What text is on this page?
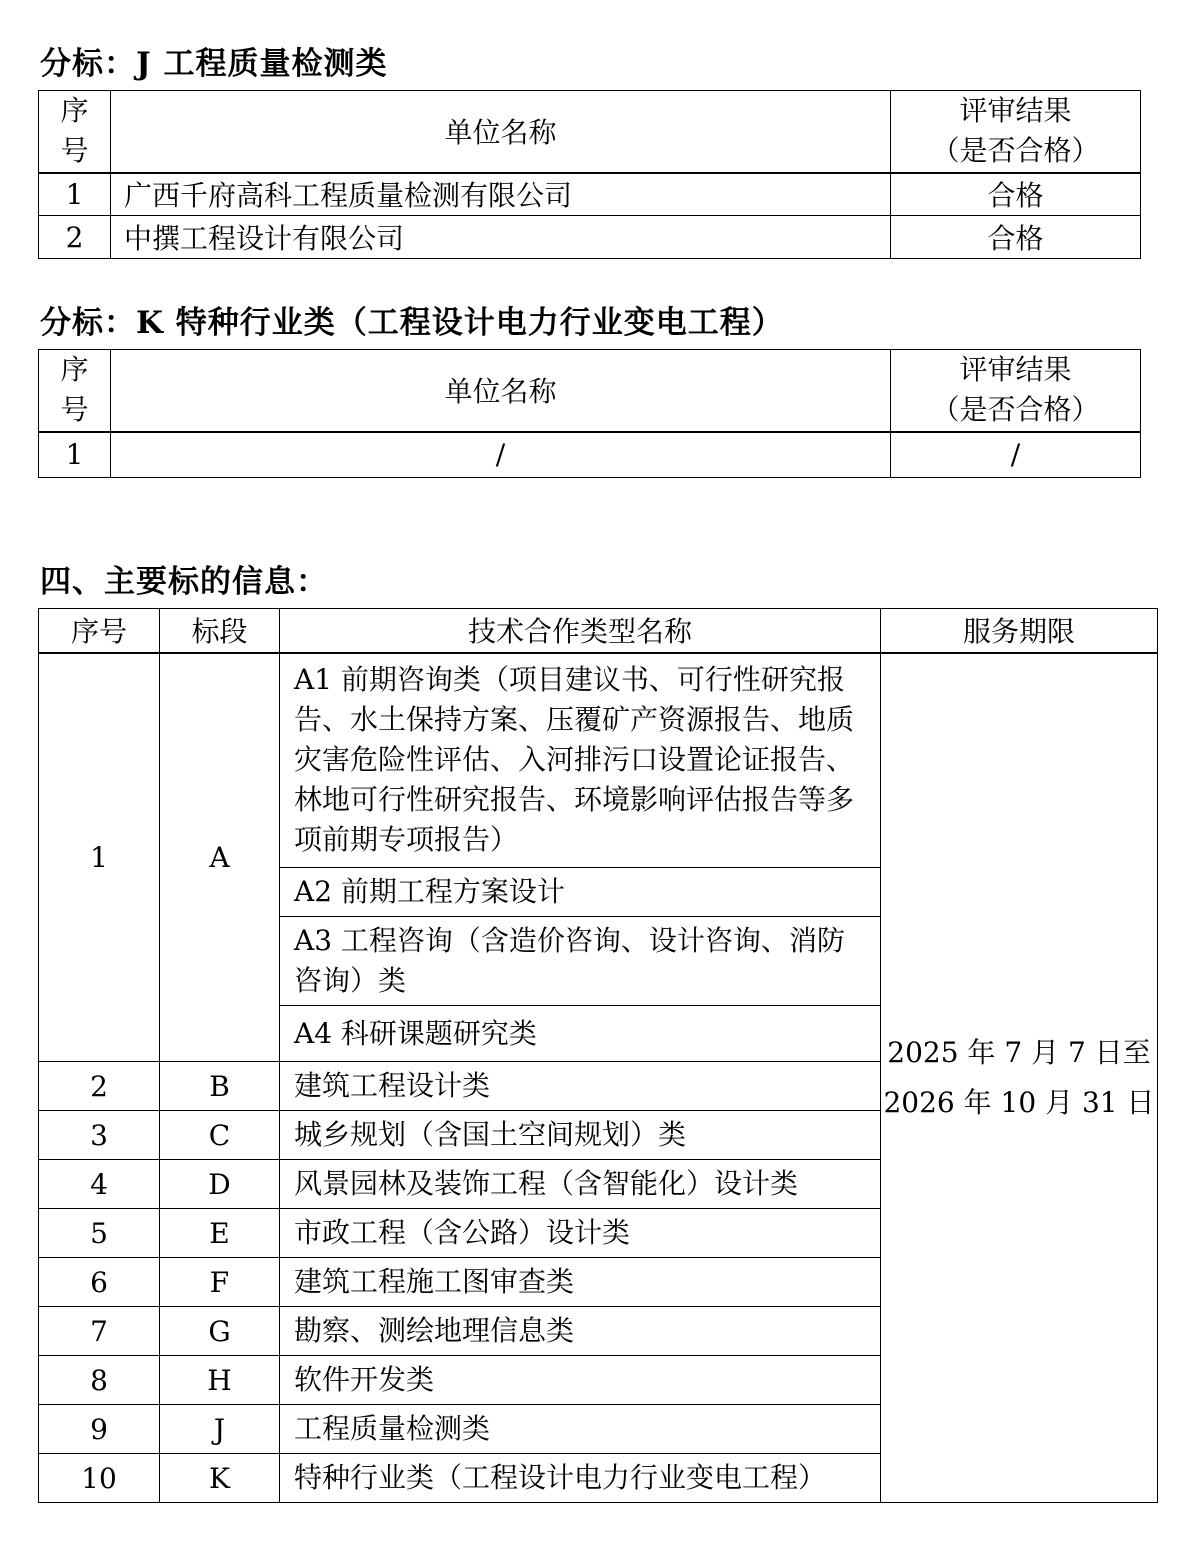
分标：J 工程质量检测类
序号	单位名称	评审结果
（是否合格）

1	广西千府高科工程质量检测有限公司	合格
2	中撰工程设计有限公司	合格
分标：K 特种行业类（工程设计电力行业变电工程）
序号	单位名称	评审结果
（是否合格）

1	/	/
四、主要标的信息：
序号	标段	技术合作类型名称	服务期限
1	A	A1 前期咨询类（项目建议书、可行性研究报告、水土保持方案、压覆矿产资源报告、地质灾害危险性评估、入河排污口设置论证报告、林地可行性研究报告、环境影响评估报告等多项前期专项报告）	2025 年 7 月 7 日至
2026 年 10 月 31 日

		A2 前期工程方案设计	
		A3 工程咨询（含造价咨询、设计咨询、消防咨询）类	
		A4 科研课题研究类	
2	B	建筑工程设计类	
3	C	城乡规划（含国土空间规划）类	
4	D	风景园林及装饰工程（含智能化）设计类	
5	E	市政工程（含公路）设计类	
6	F	建筑工程施工图审查类	
7	G	勘察、测绘地理信息类	
8	H	软件开发类	
9	J	工程质量检测类	
10	K	特种行业类（工程设计电力行业变电工程）	
